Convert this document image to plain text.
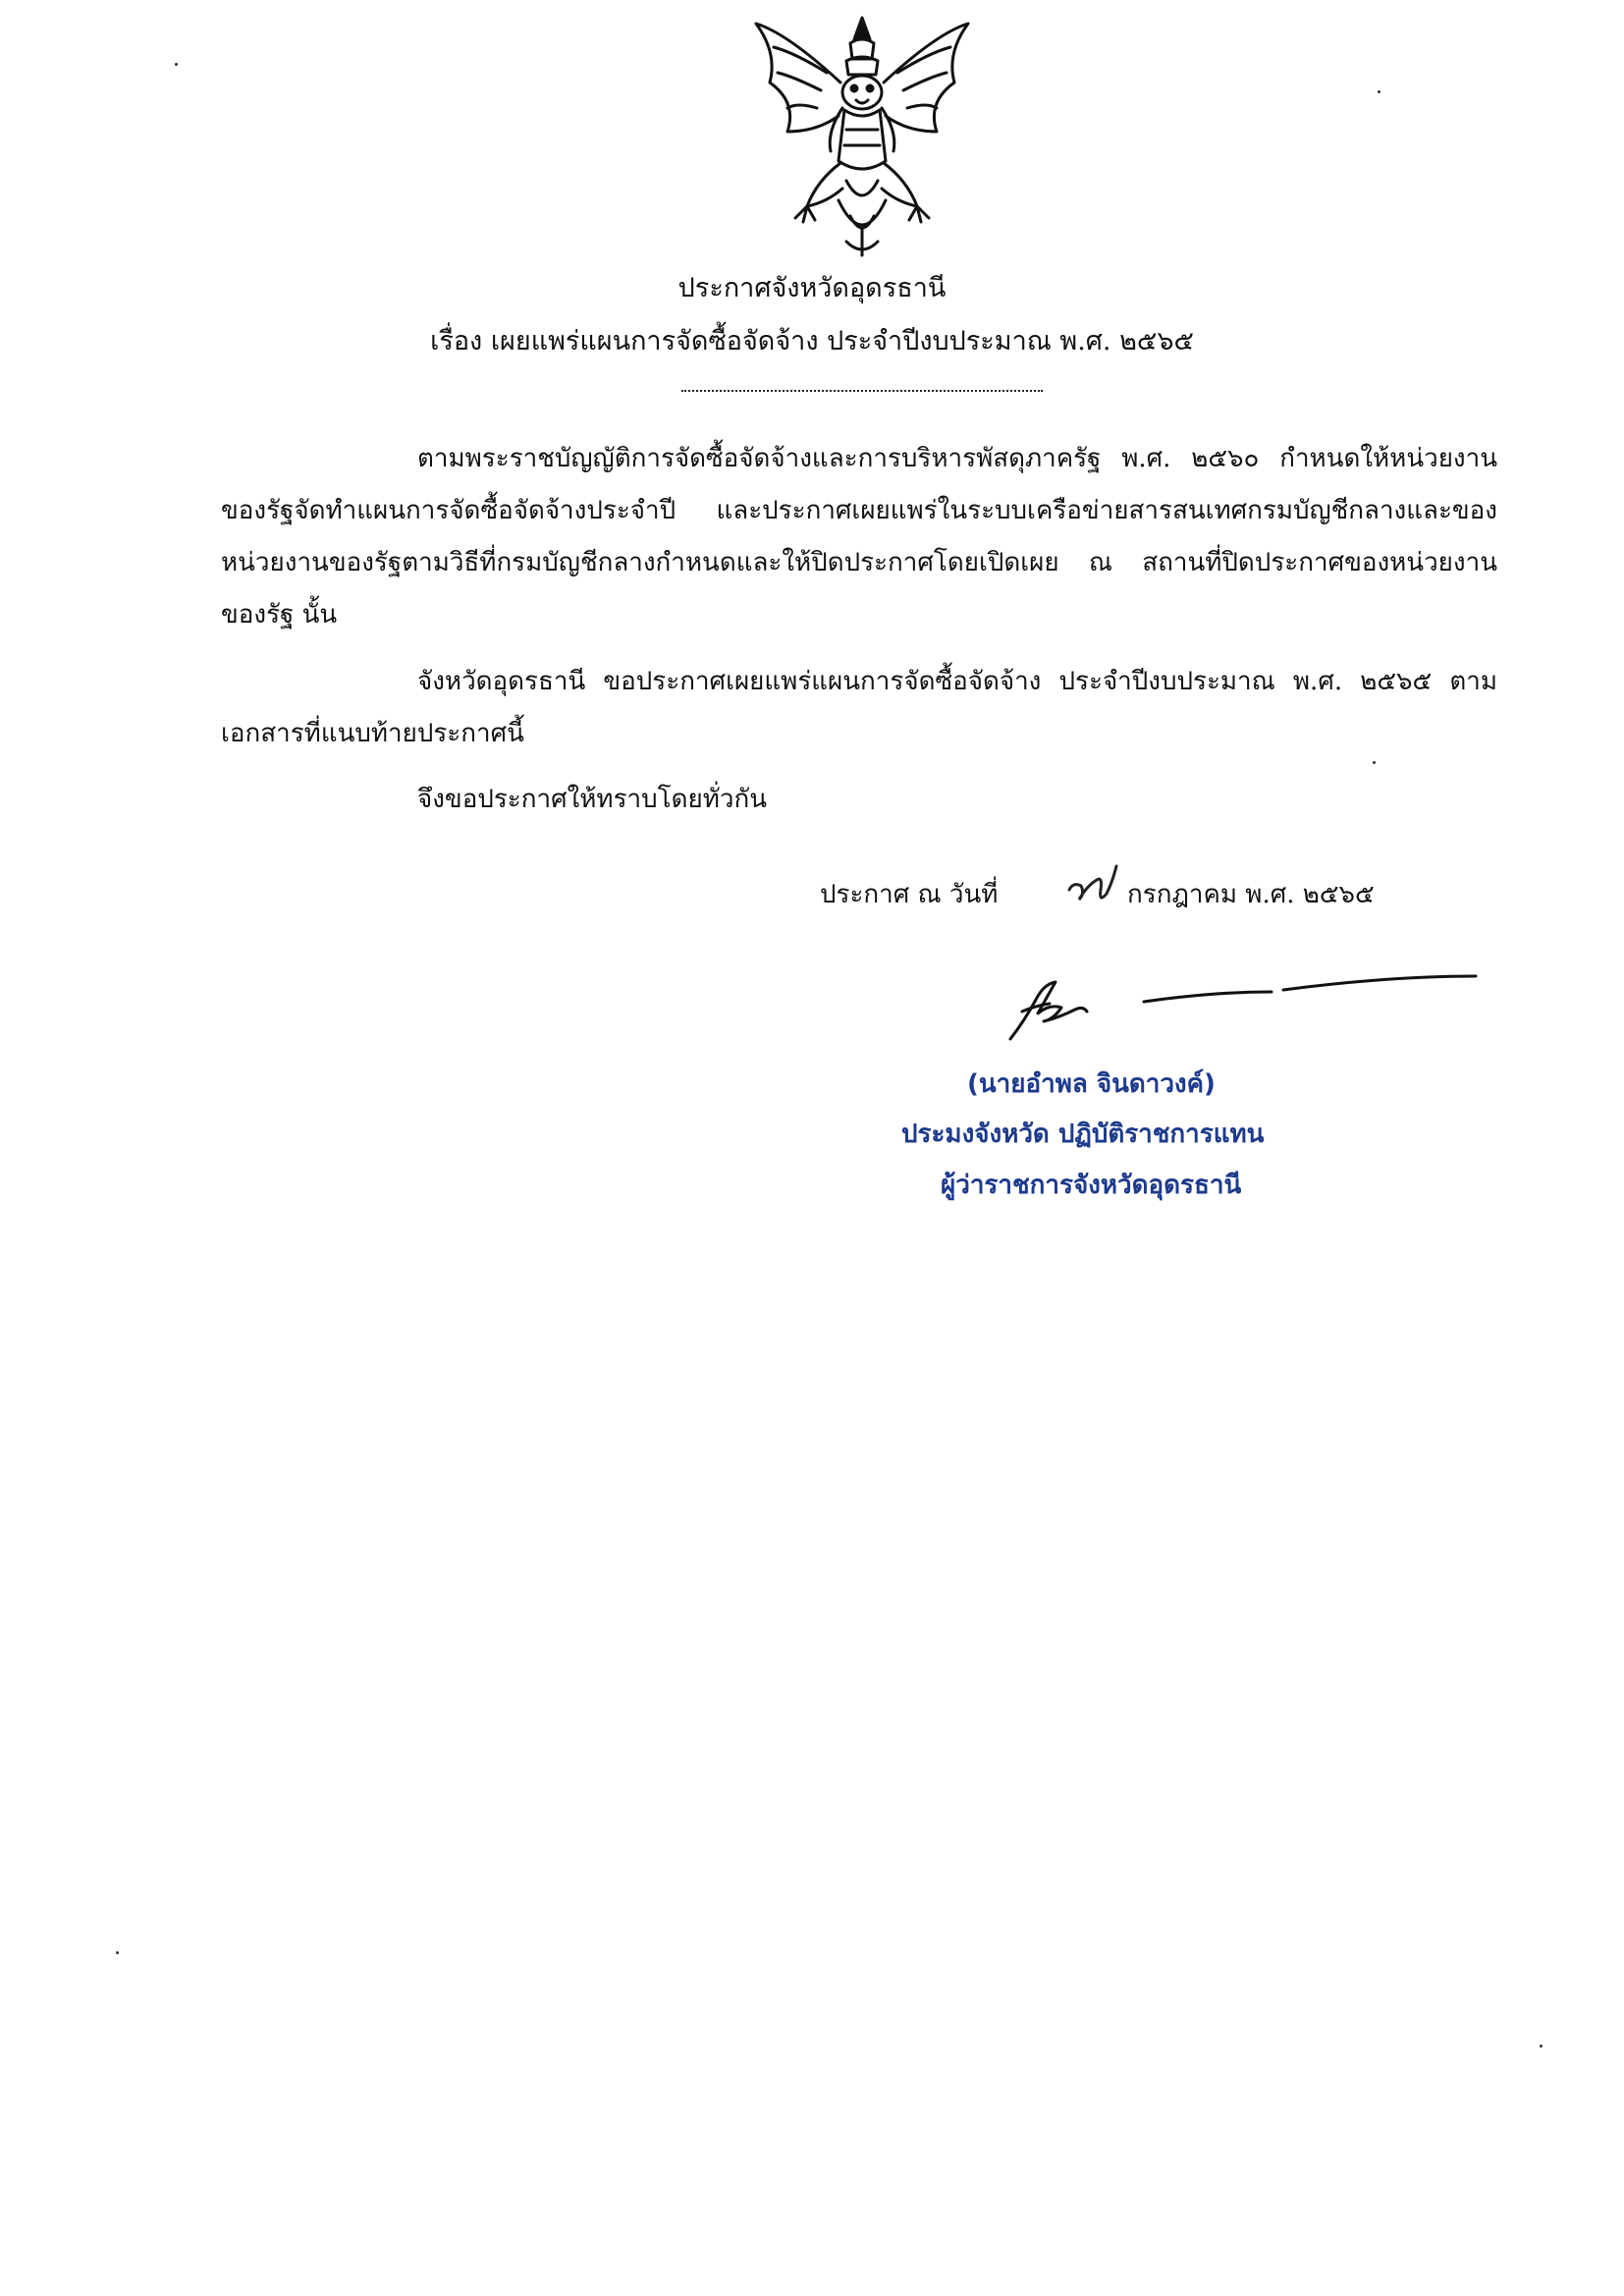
ประกาศจังหวัดอุดรธานี
เรื่อง เผยแพร่แผนการจัดซื้อจัดจ้าง ประจำปีงบประมาณ พ.ศ. ๒๕๖๕
ตามพระราชบัญญัติการจัดซื้อจัดจ้างและการบริหารพัสดุภาครัฐ พ.ศ. ๒๕๖๐ กำหนดให้หน่วยงานของรัฐจัดทำแผนการจัดซื้อจัดจ้างประจำปี และประกาศเผยแพร่ในระบบเครือข่ายสารสนเทศกรมบัญชีกลางและของหน่วยงานของรัฐตามวิธีที่กรมบัญชีกลางกำหนดและให้ปิดประกาศโดยเปิดเผย ณ สถานที่ปิดประกาศของหน่วยงานของรัฐ นั้น
จังหวัดอุดรธานี ขอประกาศเผยแพร่แผนการจัดซื้อจัดจ้าง ประจำปีงบประมาณ พ.ศ. ๒๕๖๕ ตามเอกสารที่แนบท้ายประกาศนี้
จึงขอประกาศให้ทราบโดยทั่วกัน
ประกาศ ณ วันที่	กรกฎาคม พ.ศ. ๒๕๖๕
(นายอำพล จินดาวงค์)
ประมงจังหวัด ปฏิบัติราชการแทน
ผู้ว่าราชการจังหวัดอุดรธานี
